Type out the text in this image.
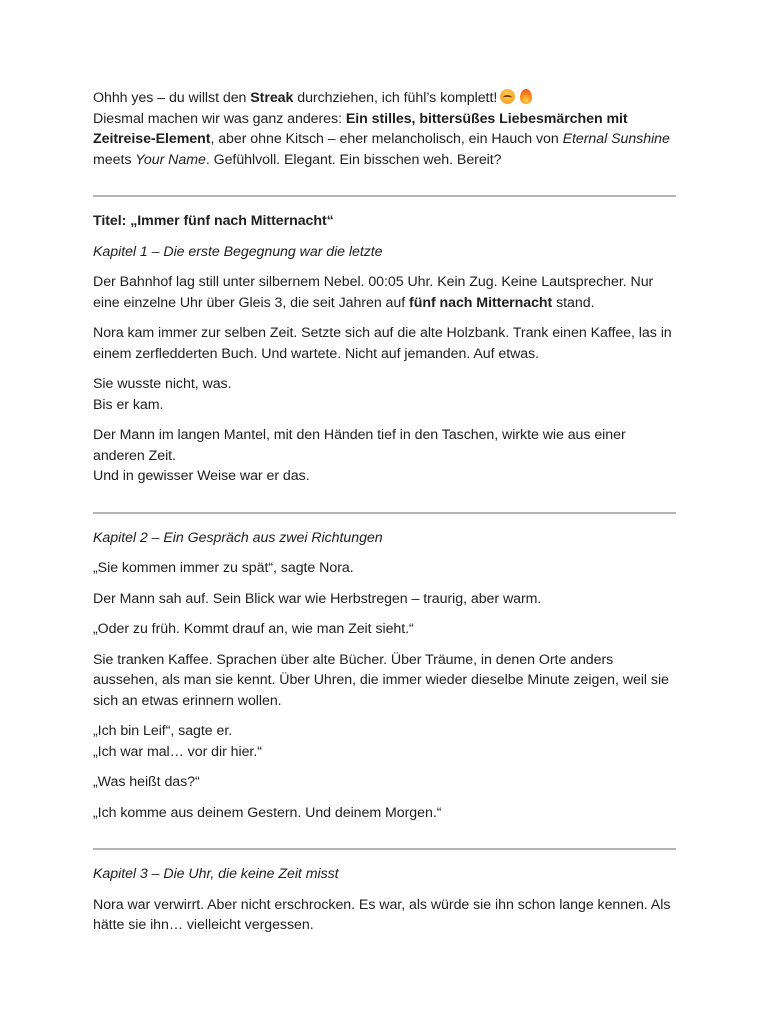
Ohhh yes – du willst den Streak durchziehen, ich fühl’s komplett!
Diesmal machen wir was ganz anderes: Ein stilles, bittersüßes Liebesmärchen mit Zeitreise-Element, aber ohne Kitsch – eher melancholisch, ein Hauch von Eternal Sunshine meets Your Name. Gefühlvoll. Elegant. Ein bisschen weh. Bereit?

Titel: „Immer fünf nach Mitternacht“

Kapitel 1 – Die erste Begegnung war die letzte

Der Bahnhof lag still unter silbernem Nebel. 00:05 Uhr. Kein Zug. Keine Lautsprecher. Nur eine einzelne Uhr über Gleis 3, die seit Jahren auf fünf nach Mitternacht stand.

Nora kam immer zur selben Zeit. Setzte sich auf die alte Holzbank. Trank einen Kaffee, las in einem zerfledderten Buch. Und wartete. Nicht auf jemanden. Auf etwas.

Sie wusste nicht, was.
Bis er kam.

Der Mann im langen Mantel, mit den Händen tief in den Taschen, wirkte wie aus einer anderen Zeit.
Und in gewisser Weise war er das.

Kapitel 2 – Ein Gespräch aus zwei Richtungen

„Sie kommen immer zu spät“, sagte Nora.

Der Mann sah auf. Sein Blick war wie Herbstregen – traurig, aber warm.

„Oder zu früh. Kommt drauf an, wie man Zeit sieht.“

Sie tranken Kaffee. Sprachen über alte Bücher. Über Träume, in denen Orte anders aussehen, als man sie kennt. Über Uhren, die immer wieder dieselbe Minute zeigen, weil sie sich an etwas erinnern wollen.

„Ich bin Leif“, sagte er.
„Ich war mal… vor dir hier.“

„Was heißt das?“

„Ich komme aus deinem Gestern. Und deinem Morgen.“

Kapitel 3 – Die Uhr, die keine Zeit misst

Nora war verwirrt. Aber nicht erschrocken. Es war, als würde sie ihn schon lange kennen. Als hätte sie ihn… vielleicht vergessen.
